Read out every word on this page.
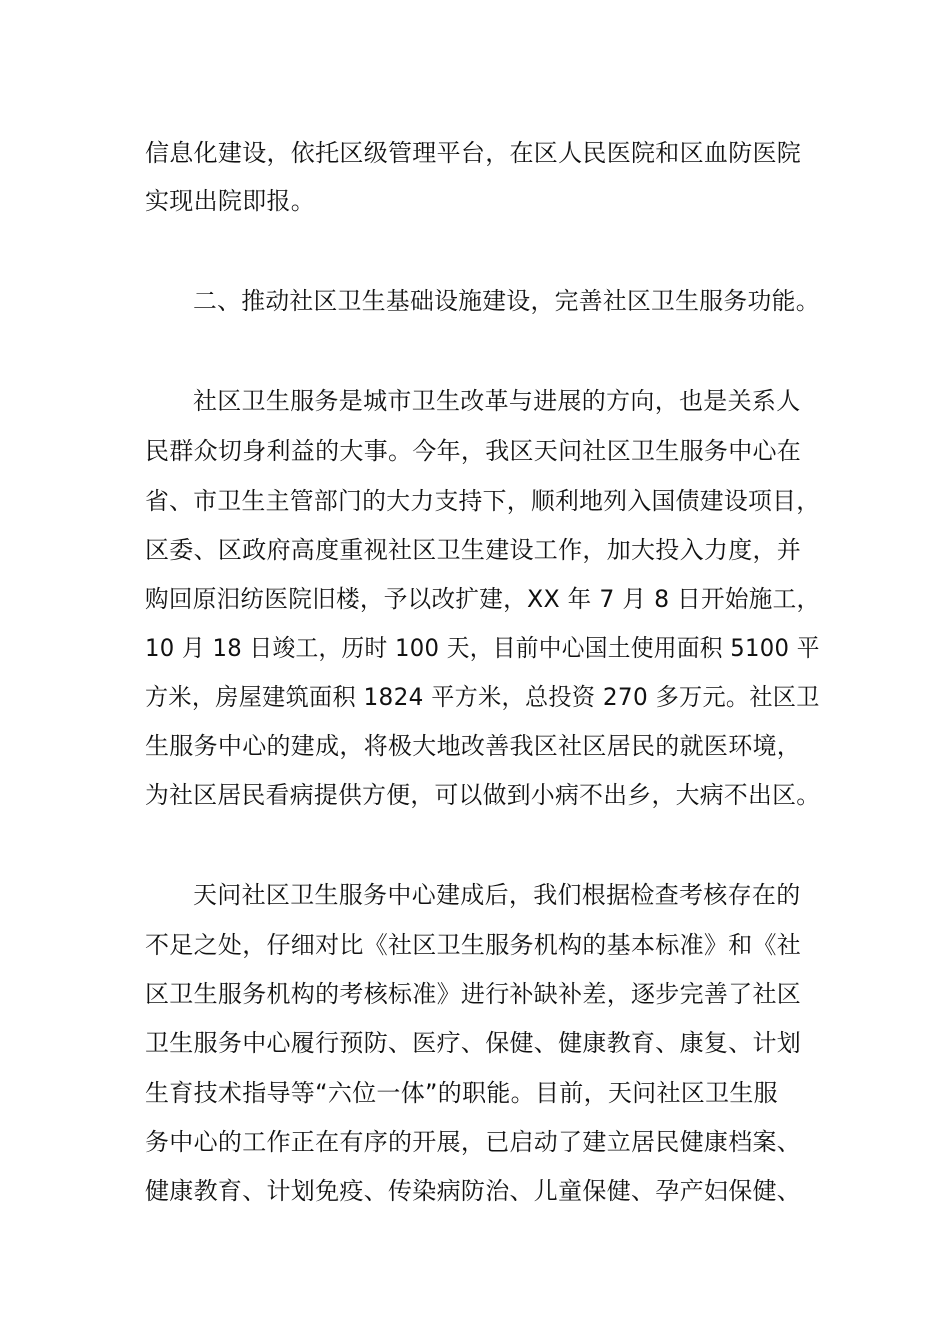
信息化建设，依托区级管理平台，在区人民医院和区血防医院
实现出院即报。
二、推动社区卫生基础设施建设，完善社区卫生服务功能。
社区卫生服务是城市卫生改革与进展的方向，也是关系人
民群众切身利益的大事。今年，我区天问社区卫生服务中心在
省、市卫生主管部门的大力支持下，顺利地列入国债建设项目，
区委、区政府高度重视社区卫生建设工作，加大投入力度，并
购回原汨纺医院旧楼，予以改扩建，XX 年 7 月 8 日开始施工，
10 月 18 日竣工，历时 100 天，目前中心国土使用面积 5100 平
方米，房屋建筑面积 1824 平方米，总投资 270 多万元。社区卫
生服务中心的建成，将极大地改善我区社区居民的就医环境，
为社区居民看病提供方便，可以做到小病不出乡，大病不出区。
天问社区卫生服务中心建成后，我们根据检查考核存在的
不足之处，仔细对比《社区卫生服务机构的基本标准》和《社
区卫生服务机构的考核标准》进行补缺补差，逐步完善了社区
卫生服务中心履行预防、医疗、保健、健康教育、康复、计划
生育技术指导等“六位一体”的职能。目前，天问社区卫生服
务中心的工作正在有序的开展，已启动了建立居民健康档案、
健康教育、计划免疫、传染病防治、儿童保健、孕产妇保健、
